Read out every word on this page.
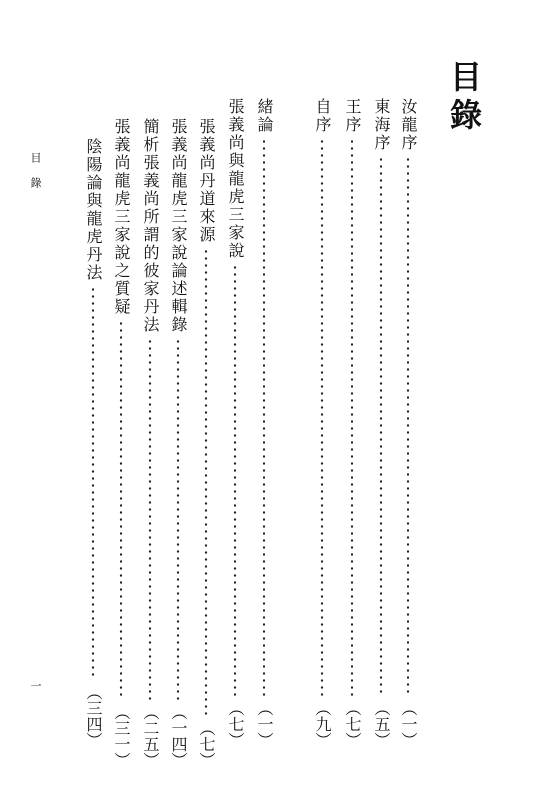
目錄
汝龍序
（一）
東海序
（五）
王序
（七）
自序
（九）
緒論
（一）
張義尚與龍虎三家說
（七）
張義尚丹道來源
（七）
張義尚龍虎三家說論述輯錄
（一四）
簡析張義尚所謂的彼家丹法
（二五）
張義尚龍虎三家說之質疑
（三一）
陰陽論與龍虎丹法
（三四）
目錄
一
